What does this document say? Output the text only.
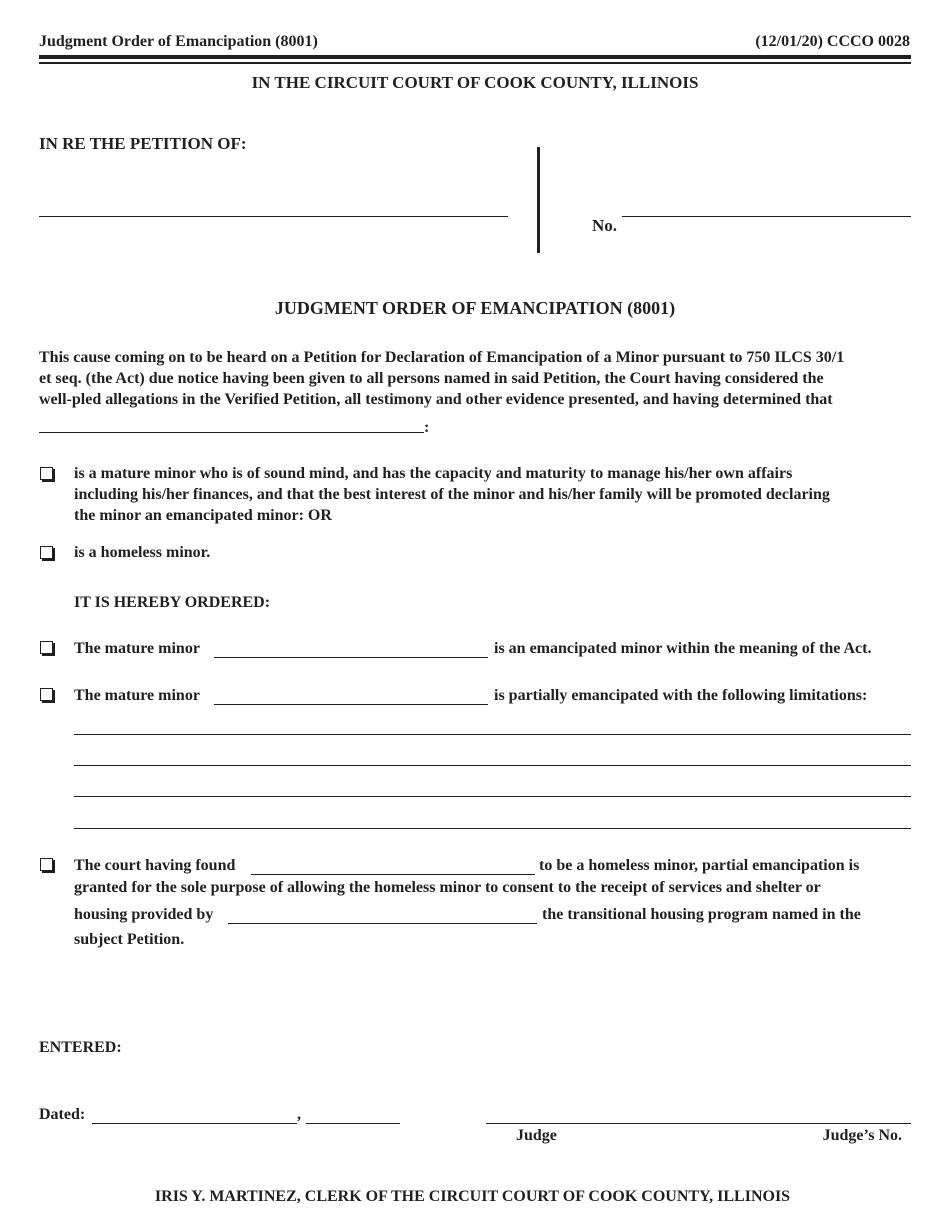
Judgment Order of Emancipation (8001)	(12/01/20) CCCO 0028
IN THE CIRCUIT COURT OF COOK COUNTY, ILLINOIS
IN RE THE PETITION OF:
No.
JUDGMENT ORDER OF EMANCIPATION (8001)
This cause coming on to be heard on a Petition for Declaration of Emancipation of a Minor pursuant to 750 ILCS 30/1
et seq. (the Act) due notice having been given to all persons named in said Petition, the Court having considered the
well-pled allegations in the Verified Petition, all testimony and other evidence presented, and having determined that
:
is a mature minor who is of sound mind, and has the capacity and maturity to manage his/her own affairs
including his/her finances, and that the best interest of the minor and his/her family will be promoted declaring
the minor an emancipated minor: OR
is a homeless minor.
IT IS HEREBY ORDERED:
The mature minor	is an emancipated minor within the meaning of the Act.
The mature minor	is partially emancipated with the following limitations:
The court having found	to be a homeless minor, partial emancipation is
granted for the sole purpose of allowing the homeless minor to consent to the receipt of services and shelter or
housing provided by	the transitional housing program named in the
subject Petition.
ENTERED:
Dated:	,
Judge	Judge’s No.
IRIS Y. MARTINEZ, CLERK OF THE CIRCUIT COURT OF COOK COUNTY, ILLINOIS
